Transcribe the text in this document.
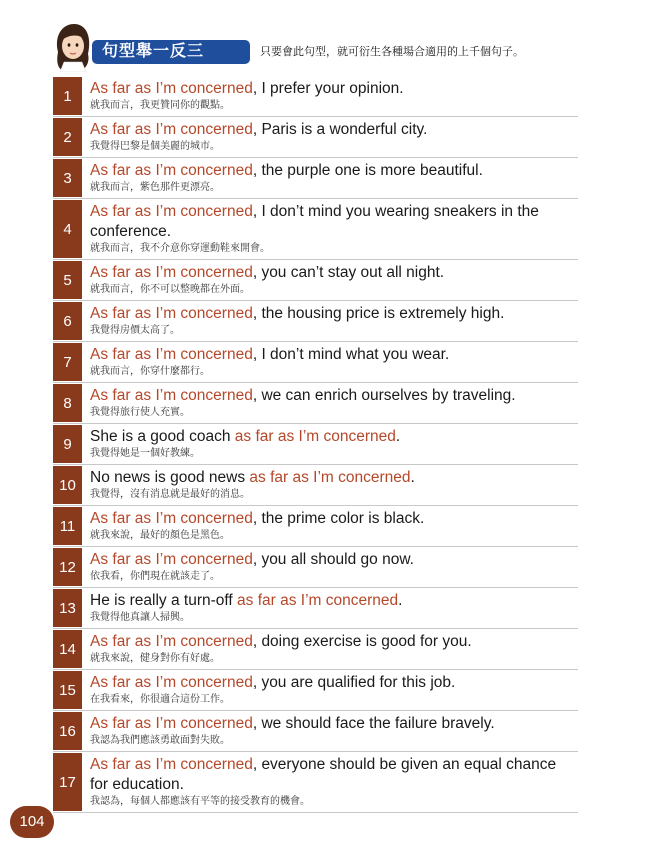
句型舉一反三	只要會此句型，就可衍生各種場合適用的上千個句子。
1	As far as I’m concerned, I prefer your opinion.
就我而言，我更贊同你的觀點。
2	As far as I’m concerned, Paris is a wonderful city.
我覺得巴黎是個美麗的城市。
3	As far as I’m concerned, the purple one is more beautiful.
就我而言，紫色那件更漂亮。
4
As far as I’m concerned, I don’t mind you wearing sneakers in the conference.
就我而言，我不介意你穿運動鞋來開會。
5	As far as I’m concerned, you can’t stay out all night.
就我而言，你不可以整晚都在外面。
6	As far as I’m concerned, the housing price is extremely high.
我覺得房價太高了。
7	As far as I’m concerned, I don’t mind what you wear.
就我而言，你穿什麼都行。
8	As far as I’m concerned, we can enrich ourselves by traveling.
我覺得旅行使人充實。
9	She is a good coach as far as I’m concerned.
我覺得她是一個好教練。
10 No news is good news as far as I’m concerned.
我覺得，沒有消息就是最好的消息。
11 As far as I’m concerned, the prime color is black.
就我來說，最好的顏色是黑色。
12 As far as I’m concerned, you all should go now.
依我看，你們現在就該走了。
13 He is really a turn-off as far as I’m concerned.
我覺得他真讓人掃興。
14 As far as I’m concerned, doing exercise is good for you.
就我來說，健身對你有好處。
15 As far as I’m concerned, you are qualified for this job.
在我看來，你很適合這份工作。
16 As far as I’m concerned, we should face the failure bravely.
我認為我們應該勇敢面對失敗。
17
As far as I’m concerned, everyone should be given an equal chance for education.
我認為，每個人都應該有平等的接受教育的機會。
104
